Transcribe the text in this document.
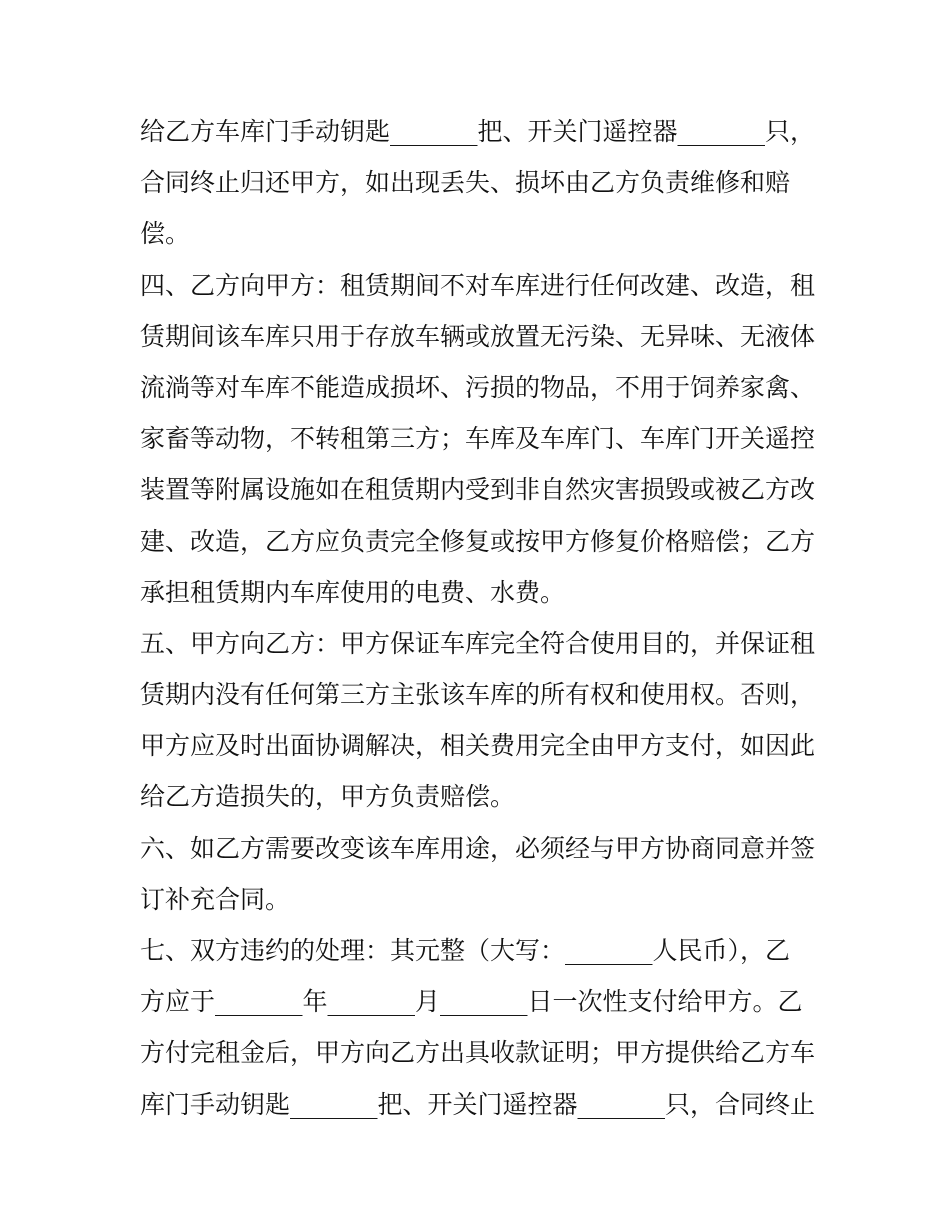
给乙方车库门手动钥匙_______把、开关门遥控器_______只，
合同终止归还甲方，如出现丢失、损坏由乙方负责维修和赔
偿。
四、乙方向甲方：租赁期间不对车库进行任何改建、改造，租
赁期间该车库只用于存放车辆或放置无污染、无异味、无液体
流淌等对车库不能造成损坏、污损的物品，不用于饲养家禽、
家畜等动物，不转租第三方；车库及车库门、车库门开关遥控
装置等附属设施如在租赁期内受到非自然灾害损毁或被乙方改
建、改造，乙方应负责完全修复或按甲方修复价格赔偿；乙方
承担租赁期内车库使用的电费、水费。
五、甲方向乙方：甲方保证车库完全符合使用目的，并保证租
赁期内没有任何第三方主张该车库的所有权和使用权。否则，
甲方应及时出面协调解决，相关费用完全由甲方支付，如因此
给乙方造损失的，甲方负责赔偿。
六、如乙方需要改变该车库用途，必须经与甲方协商同意并签
订补充合同。
七、双方违约的处理：其元整（大写：_______人民币），乙
方应于_______年_______月_______日一次性支付给甲方。乙
方付完租金后，甲方向乙方出具收款证明；甲方提供给乙方车
库门手动钥匙_______把、开关门遥控器_______只，合同终止
